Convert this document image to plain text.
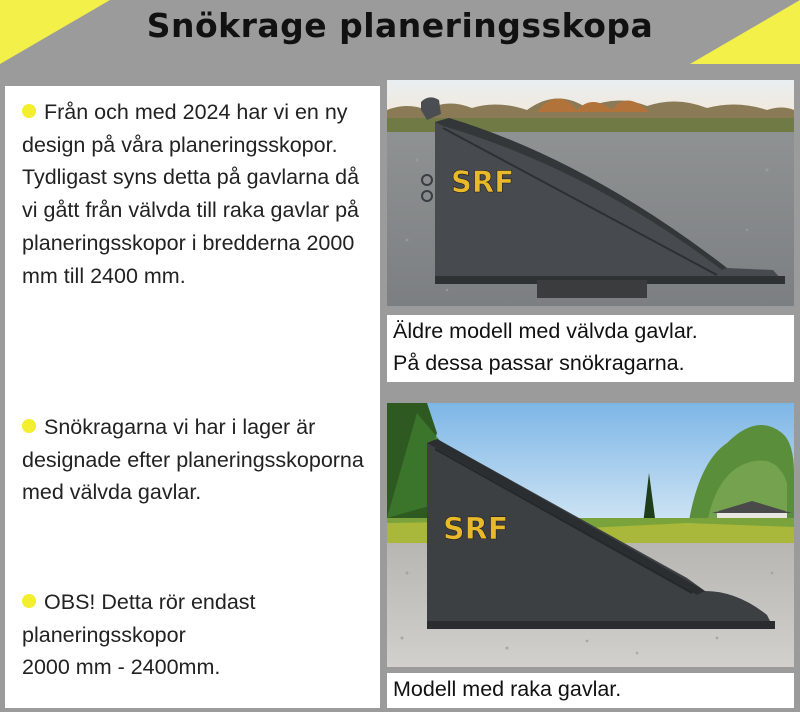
Snökrage planeringsskopa
Från och med 2024 har vi en ny design på våra planeringsskopor. Tydligast syns detta på gavlarna då vi gått från välvda till raka gavlar på planeringsskopor i bredderna 2000 mm till 2400 mm.
Snökragarna vi har i lager är designade efter planeringsskoporna med välvda gavlar.
OBS! Detta rör endast
planeringsskopor
2000 mm - 2400mm.
SRF
Äldre modell med välvda gavlar.
På dessa passar snökragarna.
SRF
Modell med raka gavlar.
